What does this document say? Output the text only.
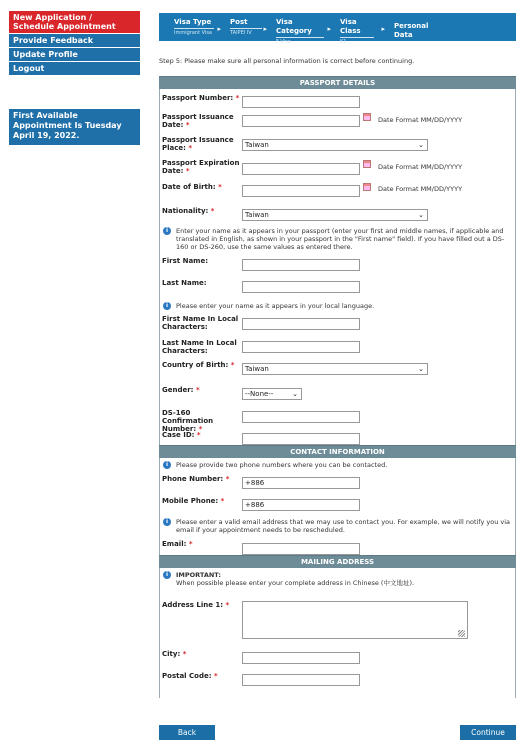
New Application / Schedule Appointment
Provide Feedback
Update Profile
Logout
First Available Appointment Is Tuesday April 19, 2022.
Visa Type
Immigrant Visa ▸
Post
TAIPEI IV	▸
Visa Category
F-Visa
▸
Visa Class
K1
▸ Personal Data
Step 5: Please make sure all personal information is correct before continuing.
PASSPORT DETAILS
Passport Number: *
Passport Issuance Date: *
Date Format MM/DD/YYYY
Passport Issuance Place: *	Taiwan	⌄
Passport Expiration Date: *	Date Format MM/DD/YYYY
Date of Birth: *	Date Format MM/DD/YYYY
Nationality: *	Taiwan	⌄
i	Enter your name as it appears in your passport (enter your first and middle names, if applicable and translated in English, as shown in your passport in the "First name" field). If you have filled out a DS-160 or DS-260, use the same values as entered there.
First Name:
Last Name:
i	Please enter your name as it appears in your local language.
First Name In Local Characters:
Last Name In Local Characters:
Country of Birth: *	Taiwan	⌄
Gender: *	--None--	⌄
DS-160 Confirmation Number: *
Case ID: *
CONTACT INFORMATION
i	Please provide two phone numbers where you can be contacted.
Phone Number: *	+886
Mobile Phone: *	+886
i	Please enter a valid email address that we may use to contact you. For example, we will notify you via email if your appointment needs to be rescheduled.
Email: *
MAILING ADDRESS
i	IMPORTANT:
When possible please enter your complete address in Chinese (中文地址).
Address Line 1: *
City: *
Postal Code: *
Back	Continue
